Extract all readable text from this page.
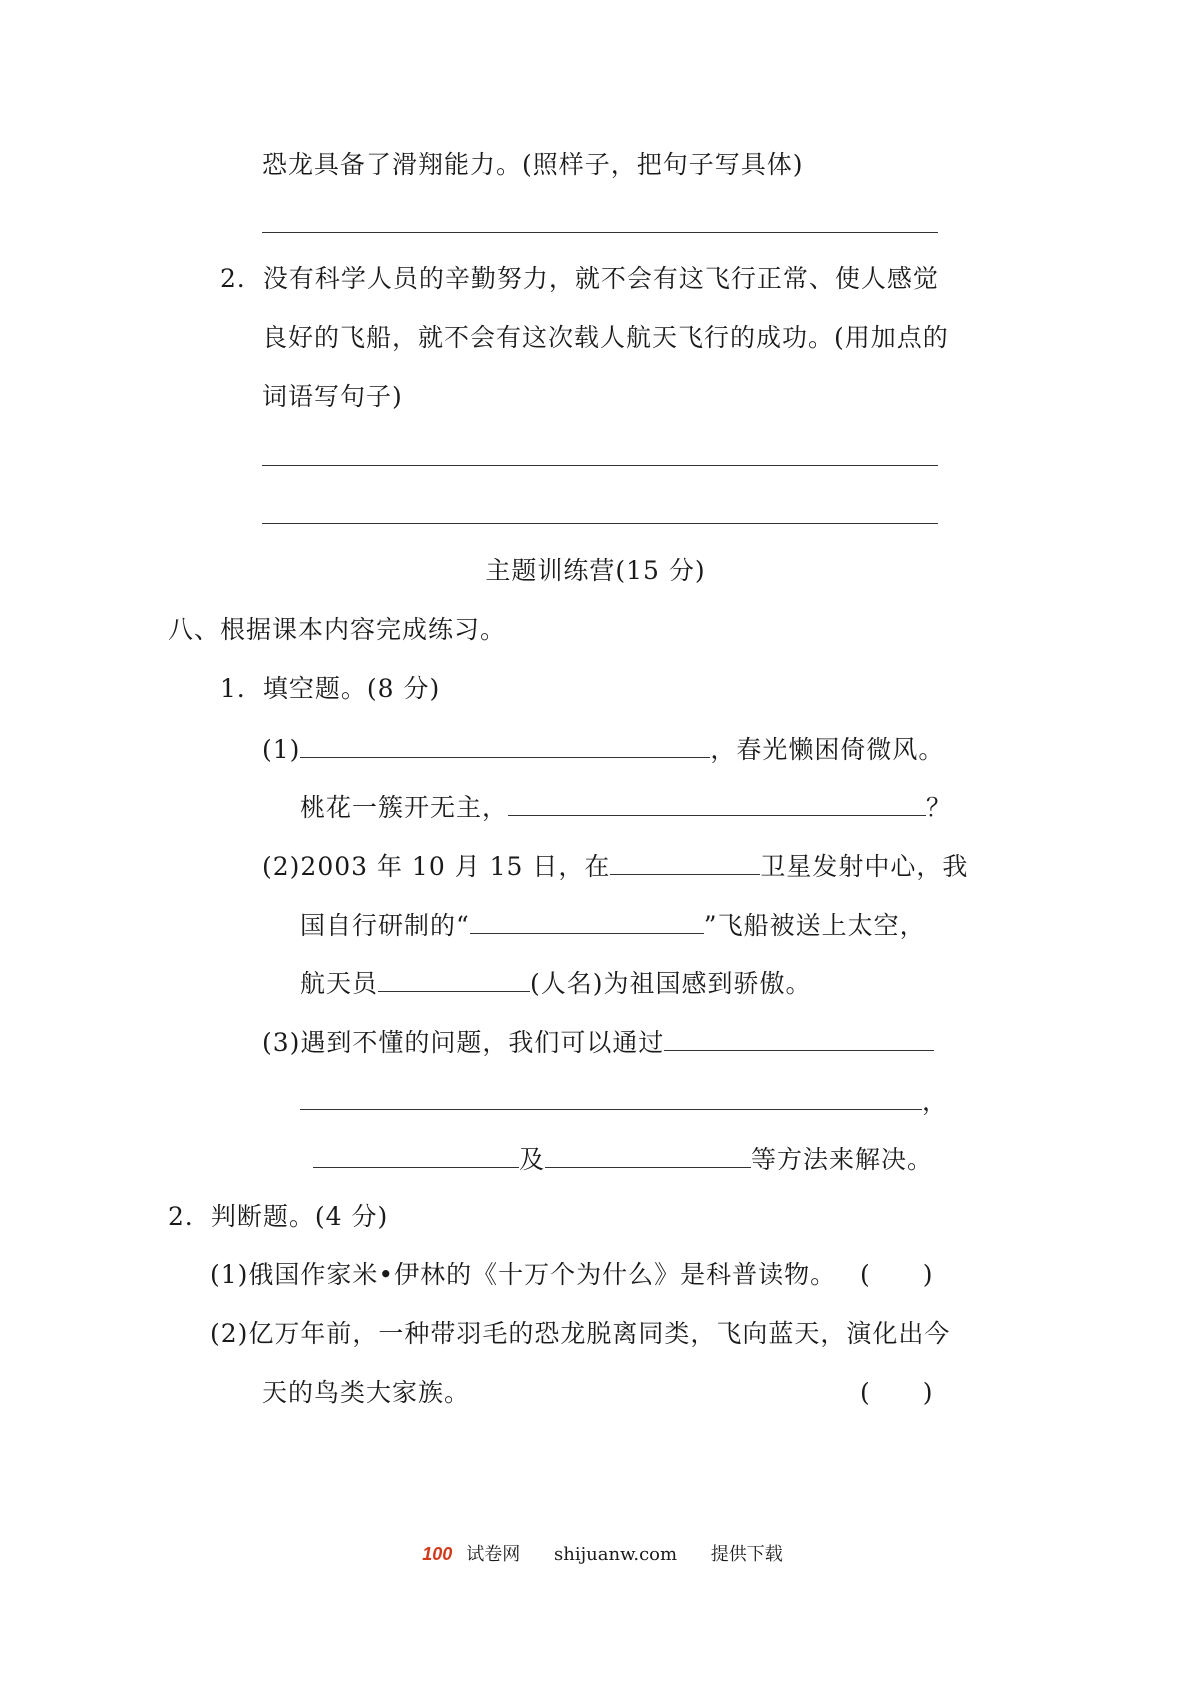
恐龙具备了滑翔能力。(照样子，把句子写具体)
2．没有科学人员的辛勤努力，就不会有这飞行正常、使人感觉
良好的飞船，就不会有这次载人航天飞行的成功。(用加点的
词语写句子)
主题训练营(15 分)
八、根据课本内容完成练习。
1．填空题。(8 分)
(1)	，春光懒困倚微风。
桃花一簇开无主，	？
(2)2003 年 10 月 15 日，在	卫星发射中心，我
国自行研制的“	”飞船被送上太空，
航天员	(人名)为祖国感到骄傲。
(3)遇到不懂的问题，我们可以通过
，
及	等方法来解决。
2．判断题。(4 分)
(1)俄国作家米•伊林的《十万个为什么》是科普读物。 (　　)
(2)亿万年前，一种带羽毛的恐龙脱离同类，飞向蓝天，演化出今
天的鸟类大家族。	(　　)
100 试卷网 shijuanw.com 提供下载
